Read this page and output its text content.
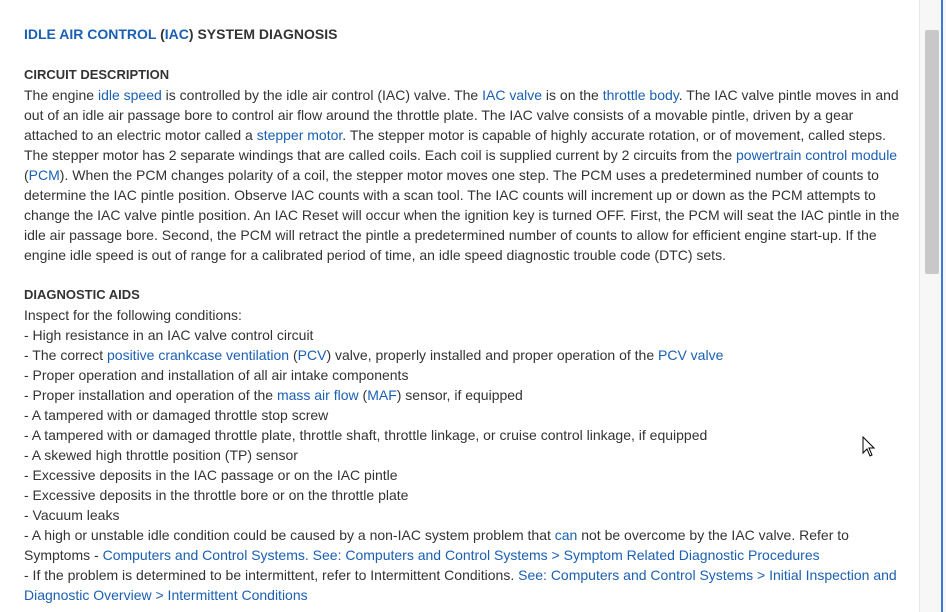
IDLE AIR CONTROL (IAC) SYSTEM DIAGNOSIS
CIRCUIT DESCRIPTION

The engine idle speed is controlled by the idle air control (IAC) valve. The IAC valve is on the throttle body. The IAC valve pintle moves in and out of an idle air passage bore to control air flow around the throttle plate. The IAC valve consists of a movable pintle, driven by a gear attached to an electric motor called a stepper motor. The stepper motor is capable of highly accurate rotation, or of movement, called steps. The stepper motor has 2 separate windings that are called coils. Each coil is supplied current by 2 circuits from the powertrain control module (PCM). When the PCM changes polarity of a coil, the stepper motor moves one step. The PCM uses a predetermined number of counts to determine the IAC pintle position. Observe IAC counts with a scan tool. The IAC counts will increment up or down as the PCM attempts to change the IAC valve pintle position. An IAC Reset will occur when the ignition key is turned OFF. First, the PCM will seat the IAC pintle in the idle air passage bore. Second, the PCM will retract the pintle a predetermined number of counts to allow for efficient engine start-up. If the engine idle speed is out of range for a calibrated period of time, an idle speed diagnostic trouble code (DTC) sets.

DIAGNOSTIC AIDS
Inspect for the following conditions:
- High resistance in an IAC valve control circuit
- The correct positive crankcase ventilation (PCV) valve, properly installed and proper operation of the PCV valve
- Proper operation and installation of all air intake components
- Proper installation and operation of the mass air flow (MAF) sensor, if equipped
- A tampered with or damaged throttle stop screw
- A tampered with or damaged throttle plate, throttle shaft, throttle linkage, or cruise control linkage, if equipped
- A skewed high throttle position (TP) sensor
- Excessive deposits in the IAC passage or on the IAC pintle
- Excessive deposits in the throttle bore or on the throttle plate
- Vacuum leaks
- A high or unstable idle condition could be caused by a non-IAC system problem that can not be overcome by the IAC valve. Refer to Symptoms - Computers and Control Systems. See: Computers and Control Systems > Symptom Related Diagnostic Procedures
- If the problem is determined to be intermittent, refer to Intermittent Conditions. See: Computers and Control Systems > Initial Inspection and Diagnostic Overview > Intermittent Conditions
